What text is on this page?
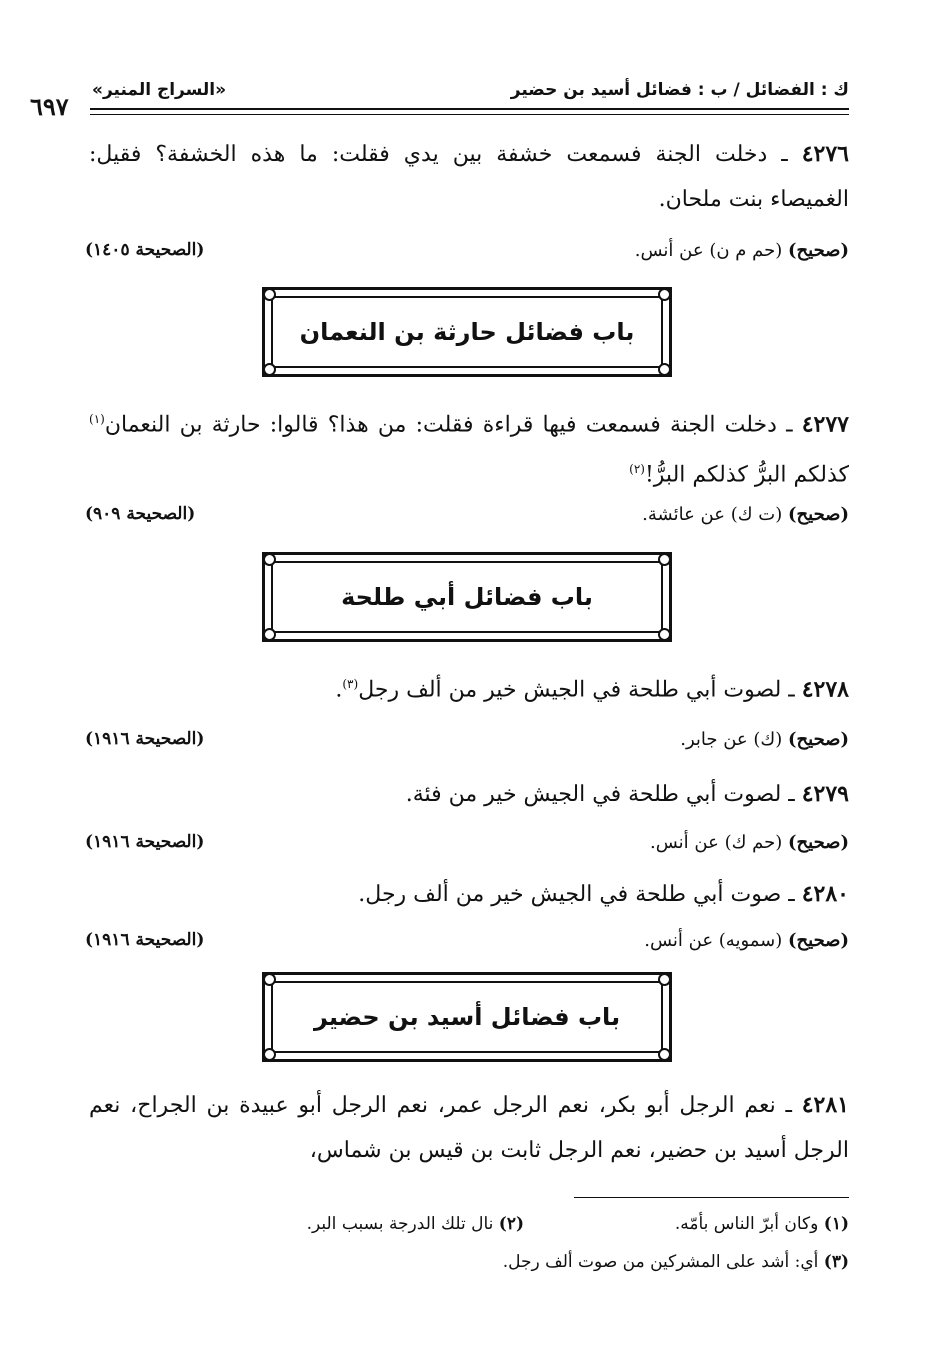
ك : الفضائل / ب : فضائل أسيد بن حضير
«السراج المنير»
٦٩٧
٤٢٧٦ ـ دخلت الجنة فسمعت خشفة بين يدي فقلت: ما هذه الخشفة؟ فقيل: الغميصاء بنت ملحان.
(صحيح) (حم م ن) عن أنس.
(الصحيحة ١٤٠٥)
باب فضائل حارثة بن النعمان
٤٢٧٧ ـ دخلت الجنة فسمعت فيها قراءة فقلت: من هذا؟ قالوا: حارثة بن النعمان$^{(١)}$ كذلكم البرُّ كذلكم البرُّ!$^{(٢)}$
(صحيح) (ت ك) عن عائشة.
(الصحيحة ٩٠٩)
باب فضائل أبي طلحة
٤٢٧٨ ـ لصوت أبي طلحة في الجيش خير من ألف رجل$^{(٣)}$.
(صحيح) (ك) عن جابر.
(الصحيحة ١٩١٦)
٤٢٧٩ ـ لصوت أبي طلحة في الجيش خير من فئة.
(صحيح) (حم ك) عن أنس.
(الصحيحة ١٩١٦)
٤٢٨٠ ـ صوت أبي طلحة في الجيش خير من ألف رجل.
(صحيح) (سمويه) عن أنس.
(الصحيحة ١٩١٦)
باب فضائل أسيد بن حضير
٤٢٨١ ـ نعم الرجل أبو بكر، نعم الرجل عمر، نعم الرجل أبو عبيدة بن الجراح، نعم الرجل أسيد بن حضير، نعم الرجل ثابت بن قيس بن شماس،
(١) وكان أبرّ الناس بأمّه.
(٢) نال تلك الدرجة بسبب البر.
(٣) أي: أشد على المشركين من صوت ألف رجل.
